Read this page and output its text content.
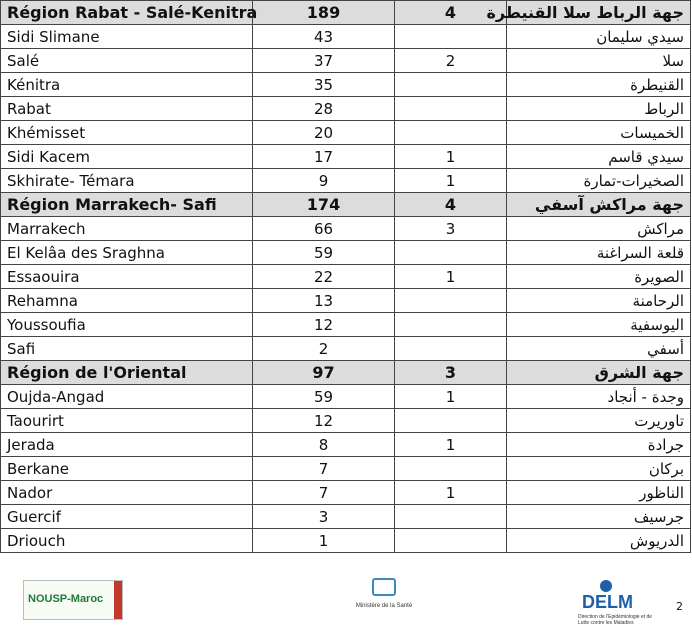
Région Rabat - Salé-Kenitra	189	4	جهة الرباط سلا القنيطرة
Sidi Slimane	43		سيدي سليمان
Salé	37	2	سلا
Kénitra	35		القنيطرة
Rabat	28		الرباط
Khémisset	20		الخميسات
Sidi Kacem	17	1	سيدي قاسم
Skhirate- Témara	9	1	الصخيرات-تمارة
Région Marrakech- Safi	174	4	جهة مراكش آسفي
Marrakech	66	3	مراكش
El Kelâa des Sraghna	59		قلعة السراغنة
Essaouira	22	1	الصويرة
Rehamna	13		الرحامنة
Youssoufia	12		اليوسفية
Safi	2		أسفي
Région de l'Oriental	97	3	جهة الشرق
Oujda-Angad	59	1	وجدة - أنجاد
Taourirt	12		تاوريرت
Jerada	8	1	جرادة
Berkane	7		بركان
Nador	7	1	الناظور
Guercif	3		جرسيف
Driouch	1		الدريوش
NOUSP-Maroc
Ministère de la Santé	DELM
Direction de l'Epidémiologie et de Lutte contre les Maladies
2
